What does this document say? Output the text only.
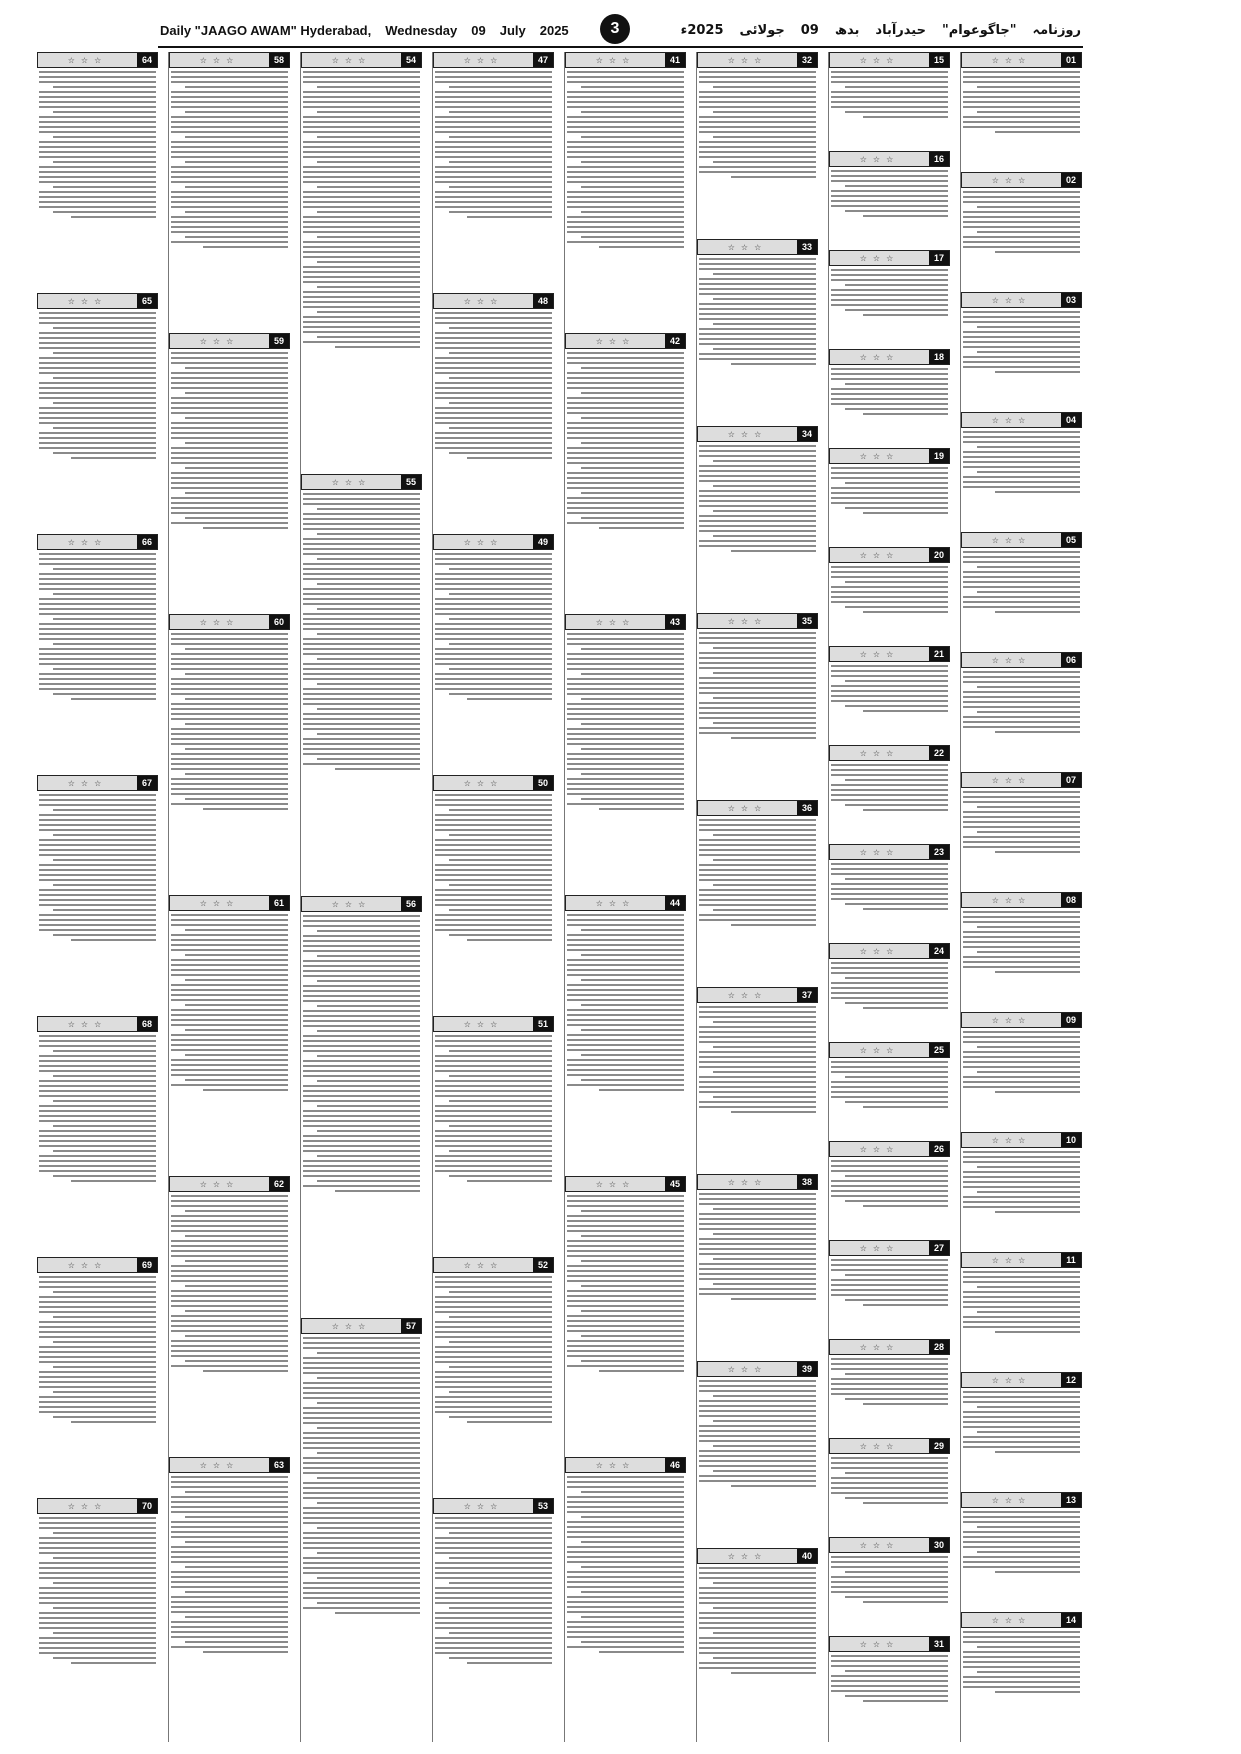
Daily "JAAGO AWAM" Hyderabad, Wednesday 09 July 2025	روزنامہ
"جاگوعوام"
حیدرآباد
بدھ
09
جولائی
2025ء
3
01
☆☆☆
02
☆☆☆
03
☆☆☆
04
☆☆☆
05
☆☆☆
06
☆☆☆
07
☆☆☆
08
☆☆☆
09
☆☆☆
10
☆☆☆
11
☆☆☆
12
☆☆☆
13
☆☆☆
14
☆☆☆
15
☆☆☆
16
☆☆☆
17
☆☆☆
18
☆☆☆
19
☆☆☆
20
☆☆☆
21
☆☆☆
22
☆☆☆
23
☆☆☆
24
☆☆☆
25
☆☆☆
26
☆☆☆
27
☆☆☆
28
☆☆☆
29
☆☆☆
30
☆☆☆
31
☆☆☆
32
☆☆☆
33
☆☆☆
34
☆☆☆
35
☆☆☆
36
☆☆☆
37
☆☆☆
38
☆☆☆
39
☆☆☆
40
☆☆☆
41
☆☆☆
42
☆☆☆
43
☆☆☆
44
☆☆☆
45
☆☆☆
46
☆☆☆
47
☆☆☆
48
☆☆☆
49
☆☆☆
50
☆☆☆
51
☆☆☆
52
☆☆☆
53
☆☆☆
54
☆☆☆
55
☆☆☆
56
☆☆☆
57
☆☆☆
58
☆☆☆
59
☆☆☆
60
☆☆☆
61
☆☆☆
62
☆☆☆
63
☆☆☆
64
☆☆☆
65
☆☆☆
66
☆☆☆
67
☆☆☆
68
☆☆☆
69
☆☆☆
70
☆☆☆
